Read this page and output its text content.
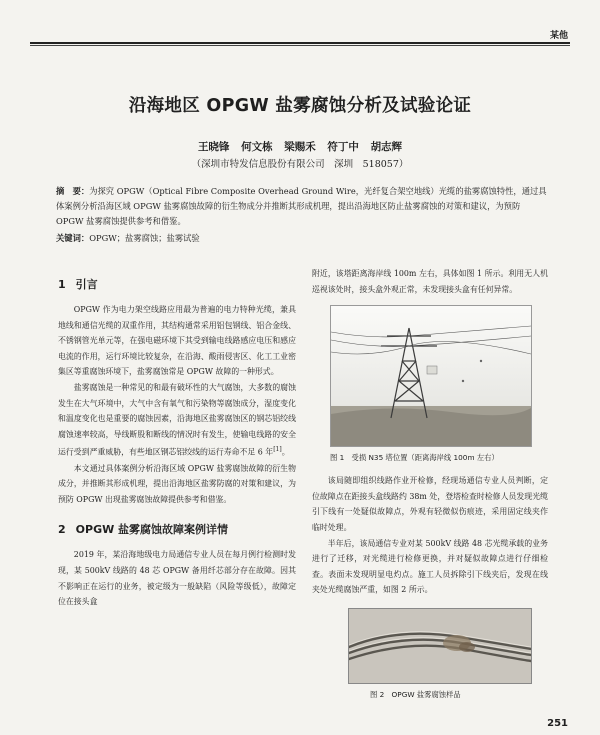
某他
沿海地区 OPGW 盐雾腐蚀分析及试验论证
王晓锋 何文栋 梁赐禾 符丁中 胡志辉
（深圳市特发信息股份有限公司　深圳　518057）
摘　要：为探究 OPGW（Optical Fibre Composite Overhead Ground Wire，光纤复合架空地线）光缆的盐雾腐蚀特性，通过具体案例分析沿海区域 OPGW 盐雾腐蚀故障的衍生物成分并推断其形成机理，提出沿海地区防止盐雾腐蚀的对策和建议，为预防 OPGW 盐雾腐蚀提供参考和借鉴。
关键词：OPGW；盐雾腐蚀；盐雾试验
1 引言

OPGW 作为电力架空线路应用最为普遍的电力特种光缆，兼具地线和通信光缆的双重作用，其结构通常采用铝包钢线、铝合金线、不锈钢管光单元等，在强电磁环境下其受到输电线路感应电压和感应电流的作用，运行环境比较复杂，在沿海、酸雨侵害区、化工工业密集区等重腐蚀环境下，盐雾腐蚀常是 OPGW 故障的一种形式。

盐雾腐蚀是一种常见的和最有破坏性的大气腐蚀，大多数的腐蚀发生在大气环境中，大气中含有氧气和污染物等腐蚀成分，湿度变化和温度变化也是重要的腐蚀因素，沿海地区盐雾腐蚀区的钢芯铝绞线腐蚀速率较高，导线断股和断线的情况时有发生，使输电线路的安全运行受到严重威胁，有些地区钢芯铝绞线的运行寿命不足 6 年[1]。

本文通过具体案例分析沿海区域 OPGW 盐雾腐蚀故障的衍生物成分，并推断其形成机理，提出沿海地区盐雾防腐的对策和建议，为预防 OPGW 出现盐雾腐蚀故障提供参考和借鉴。

2 OPGW 盐雾腐蚀故障案例详情

2019 年，某沿海地级电力局通信专业人员在每月例行检测时发现，某 500kV 线路的 48 芯 OPGW 备用纤芯部分存在故障。因其不影响正在运行的业务，被定级为一般缺陷（风险等级低），故障定位在接头盒

附近，该塔距离海岸线 100m 左右，具体如图 1 所示。利用无人机巡视该处时，接头盒外观正常，未发现接头盒有任何异常。

图 1　受损 N35 塔位置（距离海岸线 100m 左右）

该局随即组织线路作业开检修，经现场通信专业人员判断，定位故障点在距接头盒线路约 38m 处，登塔检查时检修人员发现光缆引下线有一处疑似故障点，外观有轻微似伤痕迹，采用固定线夹作临时处理。

半年后，该局通信专业对某 500kV 线路 48 芯光缆承载的业务进行了迁移，对光缆进行检修更换，并对疑似故障点进行仔细检查。表面未发现明显电灼点。施工人员拆除引下线夹后，发现在线夹处光缆腐蚀严重，如图 2 所示。

图 2　OPGW 盐雾腐蚀样品
251
